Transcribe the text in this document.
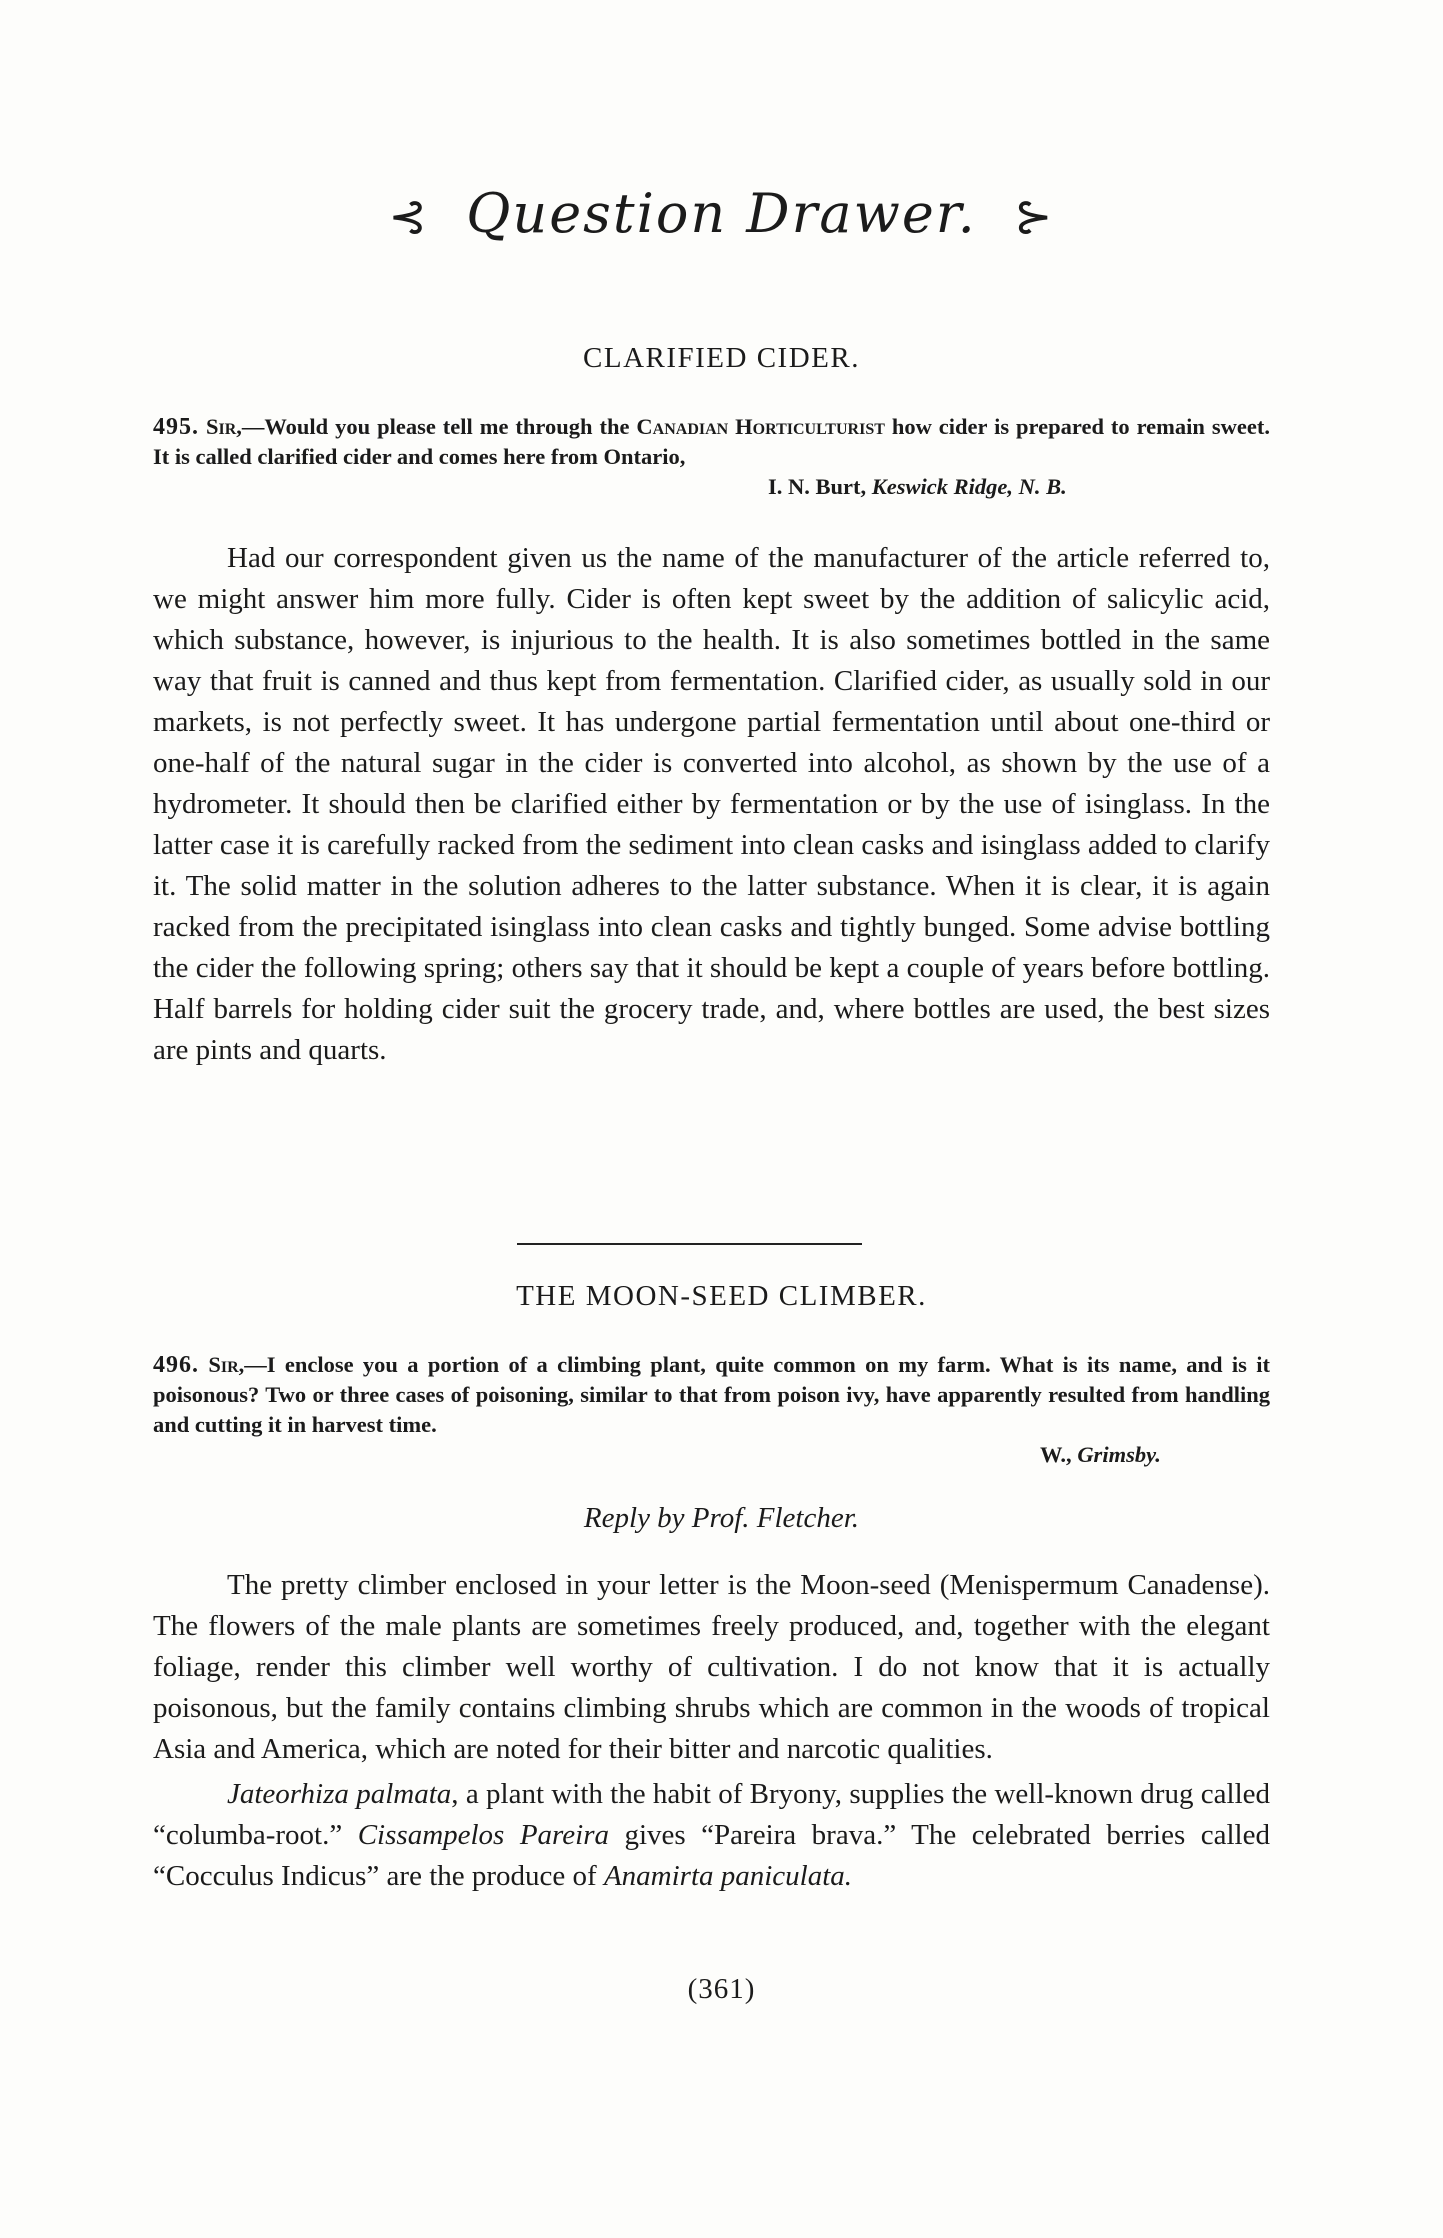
⊰ Question Drawer. ⊱
CLARIFIED CIDER.
495. Sir,—Would you please tell me through the Canadian Horticulturist how cider is prepared to remain sweet. It is called clarified cider and comes here from Ontario,
I. N. Burt, Keswick Ridge, N. B.

Had our correspondent given us the name of the manufacturer of the article referred to, we might answer him more fully. Cider is often kept sweet by the addition of salicylic acid, which substance, however, is injurious to the health. It is also sometimes bottled in the same way that fruit is canned and thus kept from fermentation. Clarified cider, as usually sold in our markets, is not perfectly sweet. It has undergone partial fermentation until about one-third or one-half of the natural sugar in the cider is converted into alcohol, as shown by the use of a hydrometer. It should then be clarified either by fermentation or by the use of isinglass. In the latter case it is carefully racked from the sediment into clean casks and isinglass added to clarify it. The solid matter in the solution adheres to the latter substance. When it is clear, it is again racked from the precipitated isinglass into clean casks and tightly bunged. Some advise bottling the cider the following spring; others say that it should be kept a couple of years before bottling. Half barrels for holding cider suit the grocery trade, and, where bottles are used, the best sizes are pints and quarts.

THE MOON-SEED CLIMBER.
496. Sir,—I enclose you a portion of a climbing plant, quite common on my farm. What is its name, and is it poisonous? Two or three cases of poisoning, similar to that from poison ivy, have apparently resulted from handling and cutting it in harvest time.
W., Grimsby.
Reply by Prof. Fletcher.

The pretty climber enclosed in your letter is the Moon-seed (Menispermum Canadense). The flowers of the male plants are sometimes freely produced, and, together with the elegant foliage, render this climber well worthy of cultivation. I do not know that it is actually poisonous, but the family contains climbing shrubs which are common in the woods of tropical Asia and America, which are noted for their bitter and narcotic qualities.

Jateorhiza palmata, a plant with the habit of Bryony, supplies the well-known drug called “columba-root.” Cissampelos Pareira gives “Pareira brava.” The celebrated berries called “Cocculus Indicus” are the produce of Anamirta paniculata.

(361)
